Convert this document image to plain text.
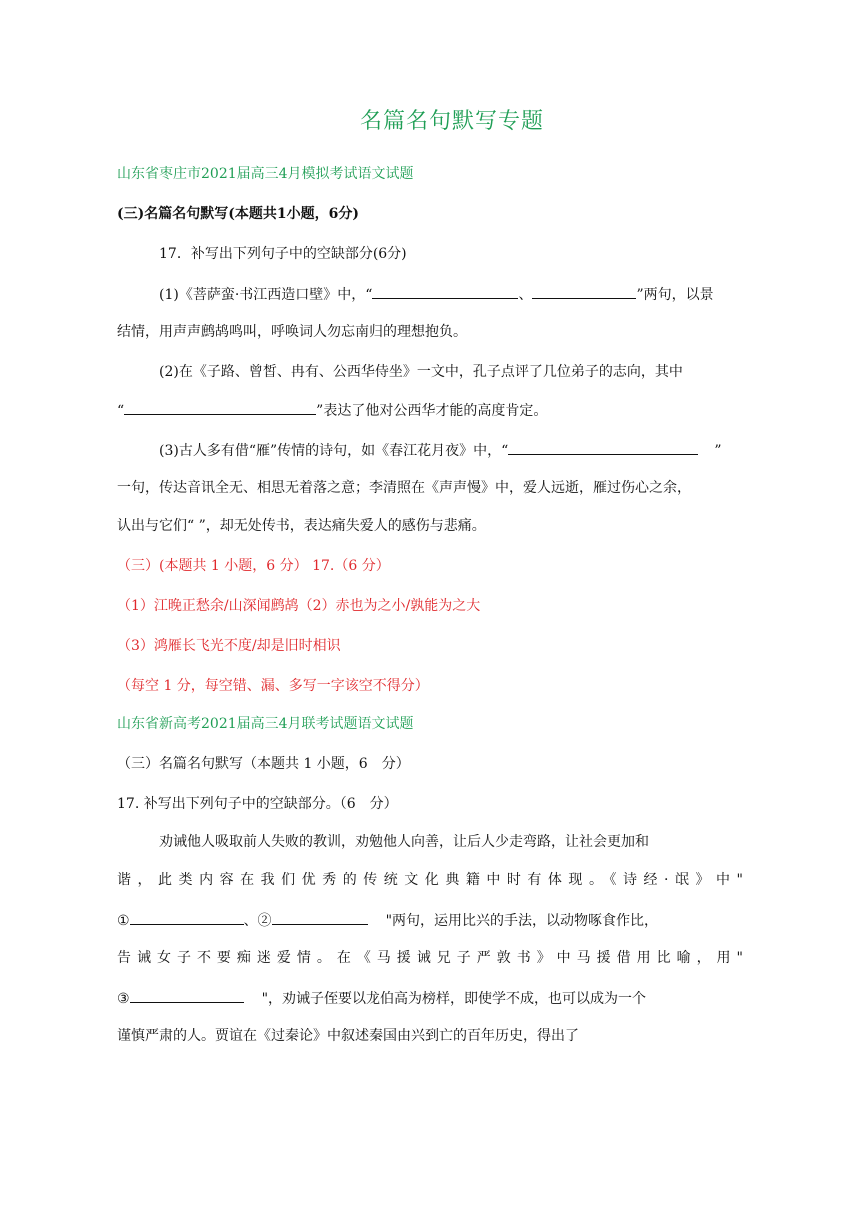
名篇名句默写专题
山东省枣庄市2021届高三4月模拟考试语文试题
(三)名篇名句默写(本题共1小题，6分)
17．补写出下列句子中的空缺部分(6分)
(1)《菩萨蛮·书江西造口壁》中，“	、	”两句，以景
结情，用声声鹧鸪鸣叫，呼唤词人勿忘南归的理想抱负。
(2)在《子路、曾皙、冉有、公西华侍坐》一文中，孔子点评了几位弟子的志向，其中
“	”表达了他对公西华才能的高度肯定。
(3)古人多有借“雁”传情的诗句，如《春江花月夜》中，“	”
一句，传达音讯全无、相思无着落之意；李清照在《声声慢》中，爱人远逝，雁过伤心之余，
认出与它们“ ”，却无处传书，表达痛失爱人的感伤与悲痛。
（三）(本题共 1 小题，6 分） 17.（6 分）
（1）江晚正愁余/山深闻鹧鸪（2）赤也为之小/孰能为之大
（3）鸿雁长飞光不度/却是旧时相识
（每空 1 分，每空错、漏、多写一字该空不得分）
山东省新高考2021届高三4月联考试题语文试题
（三）名篇名句默写（本题共 1 小题，6　分）
17. 补写出下列句子中的空缺部分。（6　分）
劝诫他人吸取前人失败的教训，劝勉他人向善，让后人少走弯路，让社会更加和
谐，此类内容在我们优秀的传统文化典籍中时有体现。《诗经·氓》中"
①	、②	"两句，运用比兴的手法，以动物啄食作比，
告诫女子不要痴迷爱情。在《马援诫兄子严敦书》中马援借用比喻，用"
③	"，劝诫子侄要以龙伯高为榜样，即使学不成，也可以成为一个
谨慎严肃的人。贾谊在《过秦论》中叙述秦国由兴到亡的百年历史，得出了
